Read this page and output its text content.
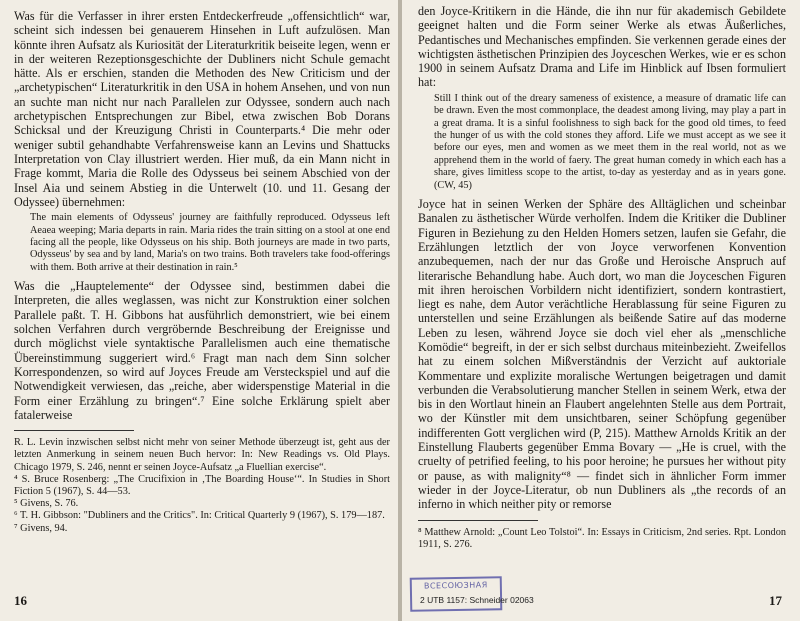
Was für die Verfasser in ihrer ersten Entdeckerfreude „offensichtlich“ war, scheint sich indessen bei genauerem Hinsehen in Luft aufzulösen. Man könnte ihren Aufsatz als Kuriosität der Literaturkritik beiseite legen, wenn er in der weiteren Rezeptionsgeschichte der Dubliners nicht Schule gemacht hätte. Als er erschien, standen die Methoden des New Criticism und der „archetypischen“ Literaturkritik in den USA in hohem Ansehen, und von nun an suchte man nicht nur nach Parallelen zur Odyssee, sondern auch nach archetypischen Entsprechungen zur Bibel, etwa zwischen Bob Dorans Schicksal und der Kreuzigung Christi in Counterparts.⁴ Die mehr oder weniger subtil gehandhabte Verfahrensweise kann an Levins und Shattucks Interpretation von Clay illustriert werden. Hier muß, da ein Mann nicht in Frage kommt, Maria die Rolle des Odysseus bei seinem Abschied von der Insel Aia und seinem Abstieg in die Unterwelt (10. und 11. Gesang der Odyssee) übernehmen:

The main elements of Odysseus' journey are faithfully reproduced. Odysseus left Aeaea weeping; Maria departs in rain. Maria rides the train sitting on a stool at one end facing all the people, like Odysseus on his ship. Both journeys are made in two parts, Odysseus' by sea and by land, Maria's on two trains. Both travelers take food-offerings with them. Both arrive at their destination in rain.⁵

Was die „Hauptelemente“ der Odyssee sind, bestimmen dabei die Interpreten, die alles weglassen, was nicht zur Konstruktion einer solchen Parallele paßt. T. H. Gibbons hat ausführlich demonstriert, wie bei einem solchen Verfahren durch vergröbernde Beschreibung der Ereignisse und durch möglichst viele syntaktische Parallelismen auch eine thematische Übereinstimmung suggeriert wird.⁶ Fragt man nach dem Sinn solcher Korrespondenzen, so wird auf Joyces Freude am Versteckspiel und auf die Notwendigkeit verwiesen, das „reiche, aber widerspenstige Material in die Form einer Erzählung zu bringen“.⁷ Eine solche Erklärung spielt aber fatalerweise

R. L. Levin inzwischen selbst nicht mehr von seiner Methode überzeugt ist, geht aus der letzten Anmerkung in seinem neuen Buch hervor: In: New Readings vs. Old Plays. Chicago 1979, S. 246, nennt er seinen Joyce-Aufsatz „a Fluellian exercise“.

⁴ S. Bruce Rosenberg: „The Crucifixion in ‚The Boarding House‘“. In Studies in Short Fiction 5 (1967), S. 44—53.

⁵ Givens, S. 76.

⁶ T. H. Gibbson: "Dubliners and the Critics". In: Critical Quarterly 9 (1967), S. 179—187.

⁷ Givens, 94.

16

den Joyce-Kritikern in die Hände, die ihn nur für akademisch Gebildete geeignet halten und die Form seiner Werke als etwas Äußerliches, Pedantisches und Mechanisches empfinden. Sie verkennen gerade eines der wichtigsten ästhetischen Prinzipien des Joyceschen Werkes, wie er es schon 1900 in seinem Aufsatz Drama and Life im Hinblick auf Ibsen formuliert hat:

Still I think out of the dreary sameness of existence, a measure of dramatic life can be drawn. Even the most commonplace, the deadest among living, may play a part in a great drama. It is a sinful foolishness to sigh back for the good old times, to feed the hunger of us with the cold stones they afford. Life we must accept as we see it before our eyes, men and women as we meet them in the real world, not as we apprehend them in the world of faery. The great human comedy in which each has a share, gives limitless scope to the artist, to-day as yesterday and as in years gone. (CW, 45)

Joyce hat in seinen Werken der Sphäre des Alltäglichen und scheinbar Banalen zu ästhetischer Würde verholfen. Indem die Kritiker die Dubliner Figuren in Beziehung zu den Helden Homers setzen, laufen sie Gefahr, die Erzählungen letztlich der von Joyce verworfenen Konvention anzubequemen, nach der nur das Große und Heroische Anspruch auf literarische Behandlung habe. Auch dort, wo man die Joyceschen Figuren mit ihren heroischen Vorbildern nicht identifiziert, sondern kontrastiert, liegt es nahe, dem Autor verächtliche Herablassung für seine Figuren zu unterstellen und seine Erzählungen als beißende Satire auf das moderne Leben zu lesen, während Joyce sie doch viel eher als „menschliche Komödie“ begreift, in der er sich selbst durchaus miteinbezieht. Zweifellos hat zu einem solchen Mißverständnis der Verzicht auf auktoriale Kommentare und explizite moralische Wertungen beigetragen und damit verbunden die Verabsolutierung mancher Stellen in seinem Werk, etwa der bis in den Wortlaut hinein an Flaubert angelehnten Stelle aus dem Portrait, wo der Künstler mit dem unsichtbaren, seiner Schöpfung gegenüber indifferenten Gott verglichen wird (P, 215). Matthew Arnolds Kritik an der Einstellung Flauberts gegenüber Emma Bovary — „He is cruel, with the cruelty of petrified feeling, to his poor heroine; he pursues her without pity or pause, as with malignity“⁸ — findet sich in ähnlicher Form immer wieder in der Joyce-Literatur, ob nun Dubliners als „the records of an inferno in which neither pity or remorse

⁸ Matthew Arnold: „Count Leo Tolstoi“. In: Essays in Criticism, 2nd series. Rpt. London 1911, S. 276.

ВСЕСОЮЗНАЯ
2 UTB 1157: Schneider 02063	17
